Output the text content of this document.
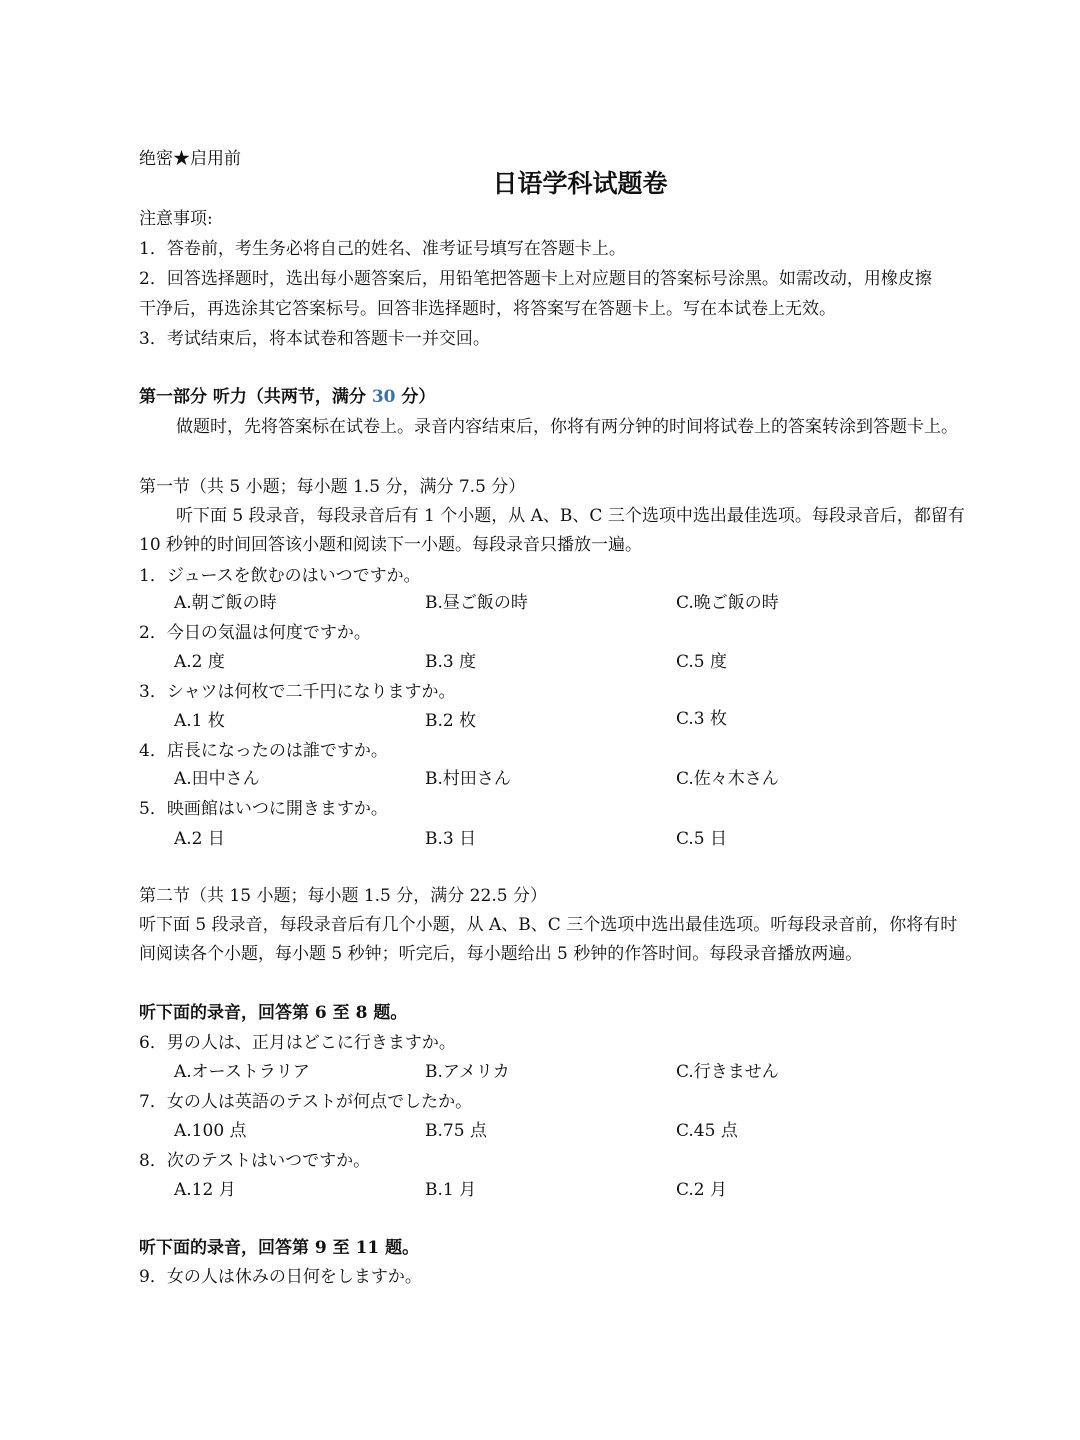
绝密★启用前
日语学科试题卷
注意事项:
1．答卷前，考生务必将自己的姓名、准考证号填写在答题卡上。
2．回答选择题时，选出每小题答案后，用铅笔把答题卡上对应题目的答案标号涂黑。如需改动，用橡皮擦
干净后，再选涂其它答案标号。回答非选择题时，将答案写在答题卡上。写在本试卷上无效。
3．考试结束后，将本试卷和答题卡一并交回。
第一部分 听力（共两节，满分 30 分）
做题时，先将答案标在试卷上。录音内容结束后，你将有两分钟的时间将试卷上的答案转涂到答题卡上。
第一节（共 5 小题；每小题 1.5 分，满分 7.5 分）
听下面 5 段录音，每段录音后有 1 个小题，从 A、B、C 三个选项中选出最佳选项。每段录音后，都留有
10 秒钟的时间回答该小题和阅读下一小题。每段录音只播放一遍。
1．ジュースを飲むのはいつですか。
A.朝ご飯の時	B.昼ご飯の時	C.晩ご飯の時
2．今日の気温は何度ですか。
A.2 度	B.3 度	C.5 度
3．シャツは何枚で二千円になりますか。
A.1 枚	B.2 枚	C.3 枚
4．店長になったのは誰ですか。
A.田中さん	B.村田さん	C.佐々木さん
5．映画館はいつに開きますか。
A.2 日	B.3 日	C.5 日
第二节（共 15 小题；每小题 1.5 分，满分 22.5 分）
听下面 5 段录音，每段录音后有几个小题，从 A、B、C 三个选项中选出最佳选项。听每段录音前，你将有时
间阅读各个小题，每小题 5 秒钟；听完后，每小题给出 5 秒钟的作答时间。每段录音播放两遍。
听下面的录音，回答第 6 至 8 题。
6．男の人は、正月はどこに行きますか。
A.オーストラリア	B.アメリカ	C.行きません
7．女の人は英語のテストが何点でしたか。
A.100 点	B.75 点	C.45 点
8．次のテストはいつですか。
A.12 月	B.1 月	C.2 月
听下面的录音，回答第 9 至 11 题。
9．女の人は休みの日何をしますか。
